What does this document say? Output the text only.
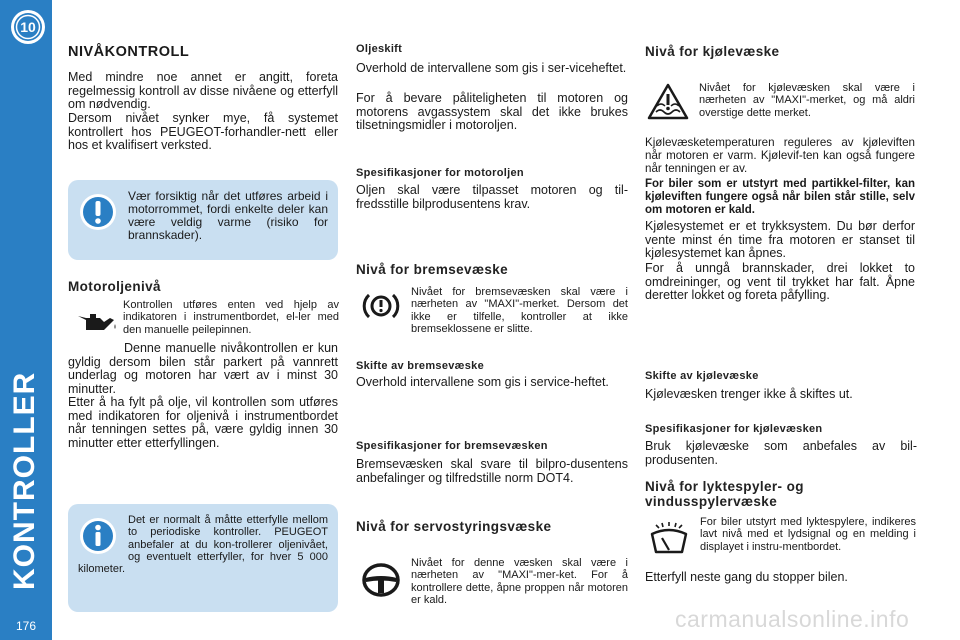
10
KONTROLLER
176
NIVÅKONTROLL

Med mindre noe annet er angitt, foreta regelmessig kontroll av disse nivåene og etterfyll om nødvendig.

Dersom nivået synker mye, få systemet kontrollert hos PEUGEOT-forhandler-nett eller hos et kvalifisert verksted.

Vær forsiktig når det utføres arbeid i motorrommet, fordi enkelte deler kan være veldig varme (risiko for brannskader).

Motoroljenivå

Kontrollen utføres enten ved hjelp av indikatoren i instrumentbordet, el-ler med den manuelle peilepinnen.

Denne manuelle nivåkontrollen er kun gyldig dersom bilen står parkert på vannrett underlag og motoren har vært av i minst 30 minutter.

Etter å ha fylt på olje, vil kontrollen som utføres med indikatoren for oljenivå i instrumentbordet når tenningen settes på, være gyldig innen 30 minutter etter etterfyllingen.

Det er normalt å måtte etterfylle mellom to periodiske kontroller. PEUGEOT anbefaler at du kon-trollerer oljenivået, og eventuelt etterfyller, for hver 5 000 kilometer.

Oljeskift

Overhold de intervallene som gis i ser-viceheftet.

For å bevare påliteligheten til motoren og motorens avgassystem skal det ikke brukes tilsetningsmidler i motoroljen.

Spesifikasjoner for motoroljen

Oljen skal være tilpasset motoren og til-fredsstille bilprodusentens krav.

Nivå for bremsevæske

Nivået for bremsevæsken skal være i nærheten av "MAXI"-merket. Dersom det ikke er tilfelle, kontroller at ikke bremseklossene er slitte.

Skifte av bremsevæske

Overhold intervallene som gis i service-heftet.

Spesifikasjoner for bremsevæsken

Bremsevæsken skal svare til bilpro-dusentens anbefalinger og tilfredstille norm DOT4.

Nivå for servostyringsvæske

Nivået for denne væsken skal være i nærheten av "MAXI"-mer-ket. For å kontrollere dette, åpne proppen når motoren er kald.

Nivå for kjølevæske

Nivået for kjølevæsken skal være i nærheten av "MAXI"-merket, og må aldri overstige dette merket.

Kjølevæsketemperaturen reguleres av kjøleviften når motoren er varm. Kjølevif-ten kan også fungere når tenningen er av.

For biler som er utstyrt med partikkel-filter, kan kjøleviften fungere også når bilen står stille, selv om motoren er kald.

Kjølesystemet er et trykksystem. Du bør derfor vente minst én time fra motoren er stanset til kjølesystemet kan åpnes.

For å unngå brannskader, drei lokket to omdreininger, og vent til trykket har falt. Åpne deretter lokket og foreta påfylling.

Skifte av kjølevæske

Kjølevæsken trenger ikke å skiftes ut.

Spesifikasjoner for kjølevæsken

Bruk kjølevæske som anbefales av bil-produsenten.

Nivå for lyktespyler- og vindusspylervæske

For biler utstyrt med lyktespylere, indikeres lavt nivå med et lydsignal og en melding i displayet i instru-mentbordet.

Etterfyll neste gang du stopper bilen.

carmanualsonline.info
